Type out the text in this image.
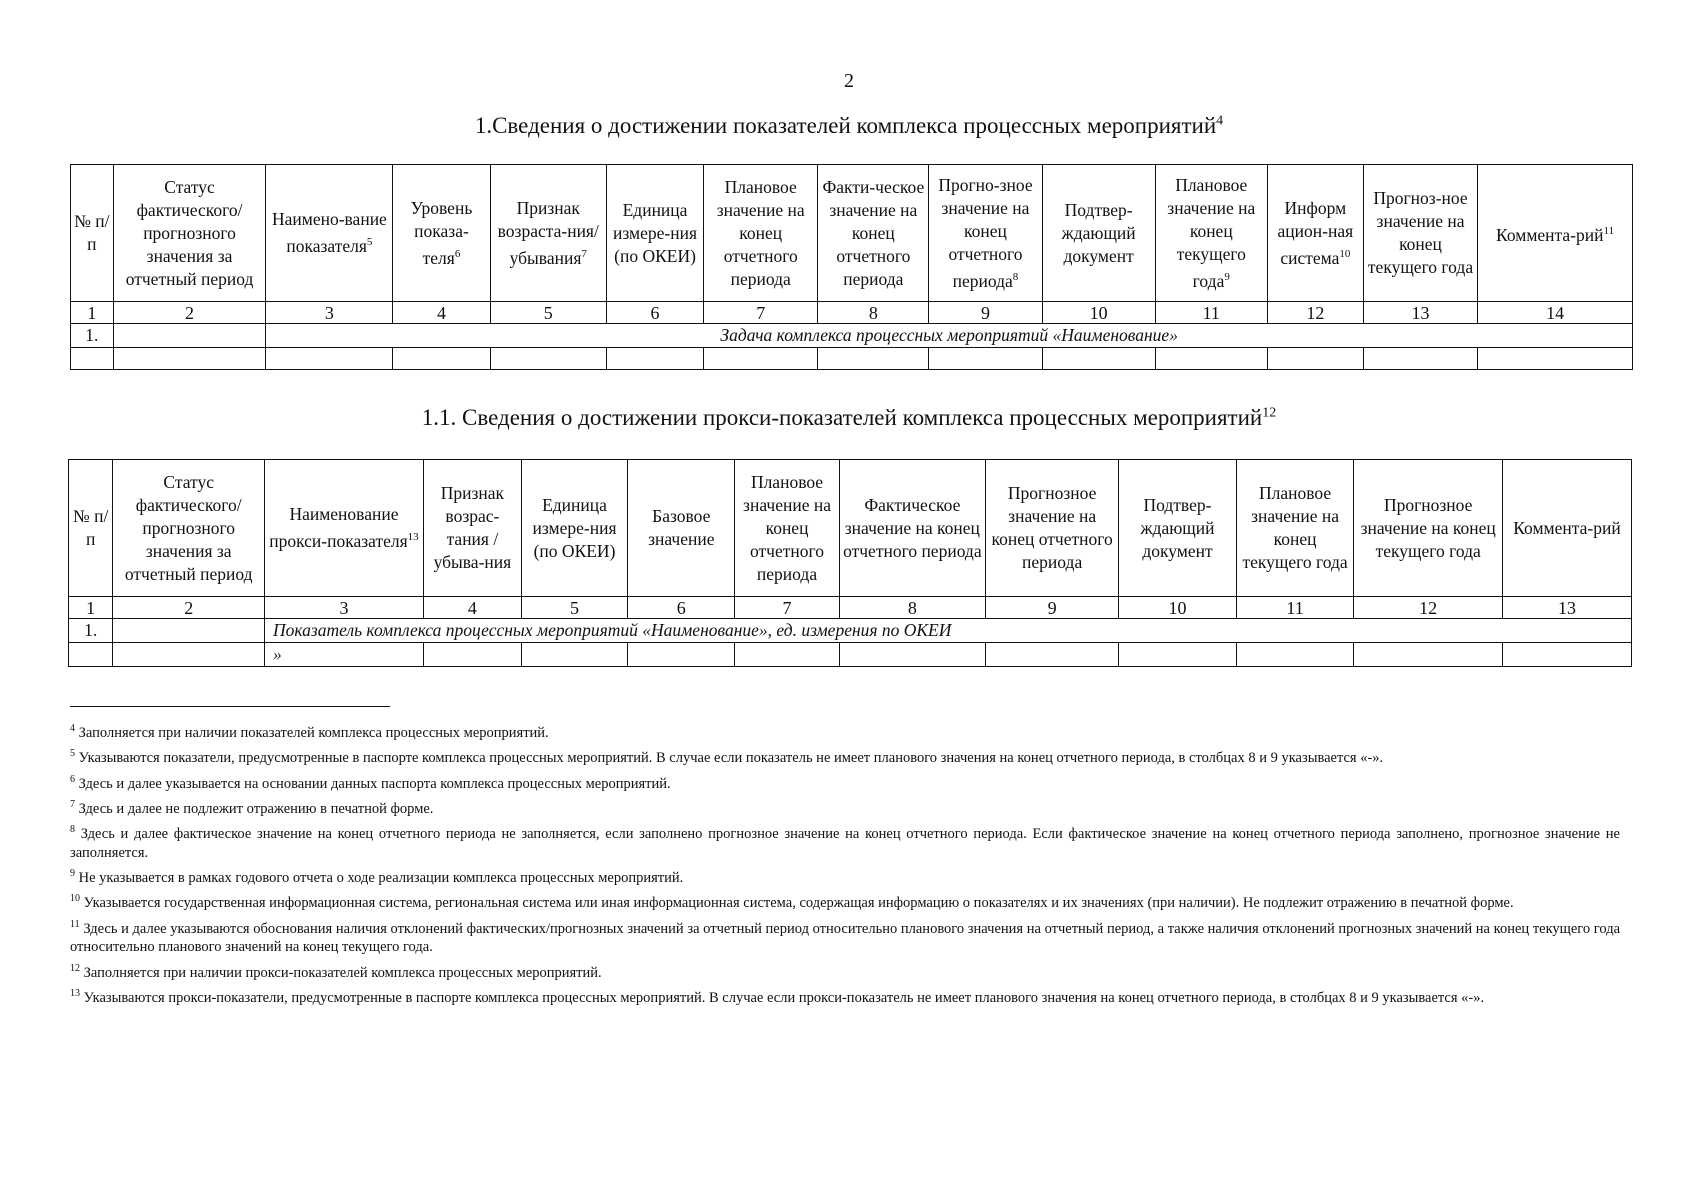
2
1.Сведения о достижении показателей комплекса процессных мероприятий$^4$
№ п/ п	Статус фактического/ прогнозного значения за отчетный период	Наимено-вание показателя$^5$	Уровень показа-теля$^6$	Признак возраста-ния/ убывания$^7$	Единица измере-ния (по ОКЕИ)	Плановое значение на конец отчетного периода	Факти-ческое значение на конец отчетного периода	Прогно-зное значение на конец отчетного периода$^8$	Подтвер-ждающий документ	Плановое значение на конец текущего года$^9$	Информ ацион-ная система$^{10}$	Прогноз-ное значение на конец текущего года	Коммента-рий$^{11}$
1	2	3	4	5	6	7	8	9	10	11	12	13	14
1.		Задача комплекса процессных мероприятий «Наименование»											

1.1. Сведения о достижении прокси-показателей комплекса процессных мероприятий$^{12}$
№ п/ п	Статус фактического/ прогнозного значения за отчетный период	Наименование прокси-показателя$^{13}$	Признак возрас-тания / убыва-ния	Единица измере-ния (по ОКЕИ)	Базовое значение	Плановое значение на конец отчетного периода	Фактическое значение на конец отчетного периода	Прогнозное значение на конец отчетного периода	Подтвер-ждающий документ	Плановое значение на конец текущего года	Прогнозное значение на конец текущего года	Коммента-рий
1	2	3	4	5	6	7	8	9	10	11	12	13
1.		Показатель комплекса процессных мероприятий «Наименование», ед. измерения по ОКЕИ										
		»										

$^4$ Заполняется при наличии показателей комплекса процессных мероприятий.

$^5$ Указываются показатели, предусмотренные в паспорте комплекса процессных мероприятий. В случае если показатель не имеет планового значения на конец отчетного периода, в столбцах 8 и 9 указывается «-».

$^6$ Здесь и далее указывается на основании данных паспорта комплекса процессных мероприятий.

$^7$ Здесь и далее не подлежит отражению в печатной форме.

$^8$ Здесь и далее фактическое значение на конец отчетного периода не заполняется, если заполнено прогнозное значение на конец отчетного периода. Если фактическое значение на конец отчетного периода заполнено, прогнозное значение не заполняется.

$^9$ Не указывается в рамках годового отчета о ходе реализации комплекса процессных мероприятий.

$^{10}$ Указывается государственная информационная система, региональная система или иная информационная система, содержащая информацию о показателях и их значениях (при наличии). Не подлежит отражению в печатной форме.

$^{11}$ Здесь и далее указываются обоснования наличия отклонений фактических/прогнозных значений за отчетный период относительно планового значения на отчетный период, а также наличия отклонений прогнозных значений на конец текущего года относительно планового значений на конец текущего года.

$^{12}$ Заполняется при наличии прокси-показателей комплекса процессных мероприятий.

$^{13}$ Указываются прокси-показатели, предусмотренные в паспорте комплекса процессных мероприятий. В случае если прокси-показатель не имеет планового значения на конец отчетного периода, в столбцах 8 и 9 указывается «-».
